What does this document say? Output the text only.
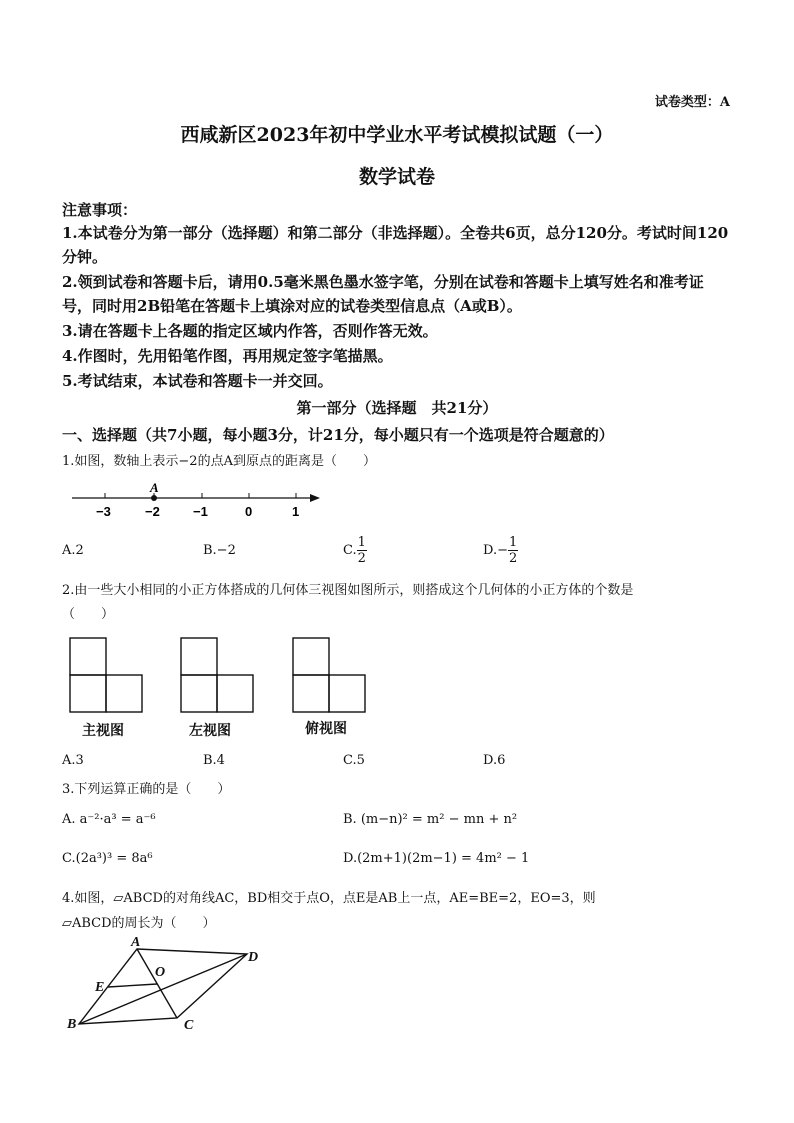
试卷类型：A
西咸新区2023年初中学业水平考试模拟试题（一）
数学试卷
注意事项：
1.本试卷分为第一部分（选择题）和第二部分（非选择题）。全卷共6页，总分120分。考试时间120分钟。
2.领到试卷和答题卡后，请用0.5毫米黑色墨水签字笔，分别在试卷和答题卡上填写姓名和准考证号，同时用2B铅笔在答题卡上填涂对应的试卷类型信息点（A或B）。
3.请在答题卡上各题的指定区域内作答，否则作答无效。
4.作图时，先用铅笔作图，再用规定签字笔描黑。
5.考试结束，本试卷和答题卡一并交回。
第一部分（选择题　共21分）
一、选择题（共7小题，每小题3分，计21分，每小题只有一个选项是符合题意的）
1.如图，数轴上表示−2的点A到原点的距离是（　　）
A
−3	−2	−1	0	1
A.2	B.−2	C. $\frac{1}{2}$	$D.- \frac{1}{2}$
2.由一些大小相同的小正方体搭成的几何体三视图如图所示，则搭成这个几何体的小正方体的个数是
（　　）
主视图	左视图	俯视图
A.3	B.4	C.5	D.6
3.下列运算正确的是（　　）
A. a⁻²·a³ = a⁻⁶	B. (m−n)² = m² − mn + n²
C.(2a³)³ = 8a⁶	D.(2m+1)(2m−1) = 4m² − 1
4.如图，▱ABCD的对角线AC，BD相交于点O，点E是AB上一点，AE=BE=2，EO=3，则
▱ABCD的周长为（　　）
A
D
C
B
E
O
